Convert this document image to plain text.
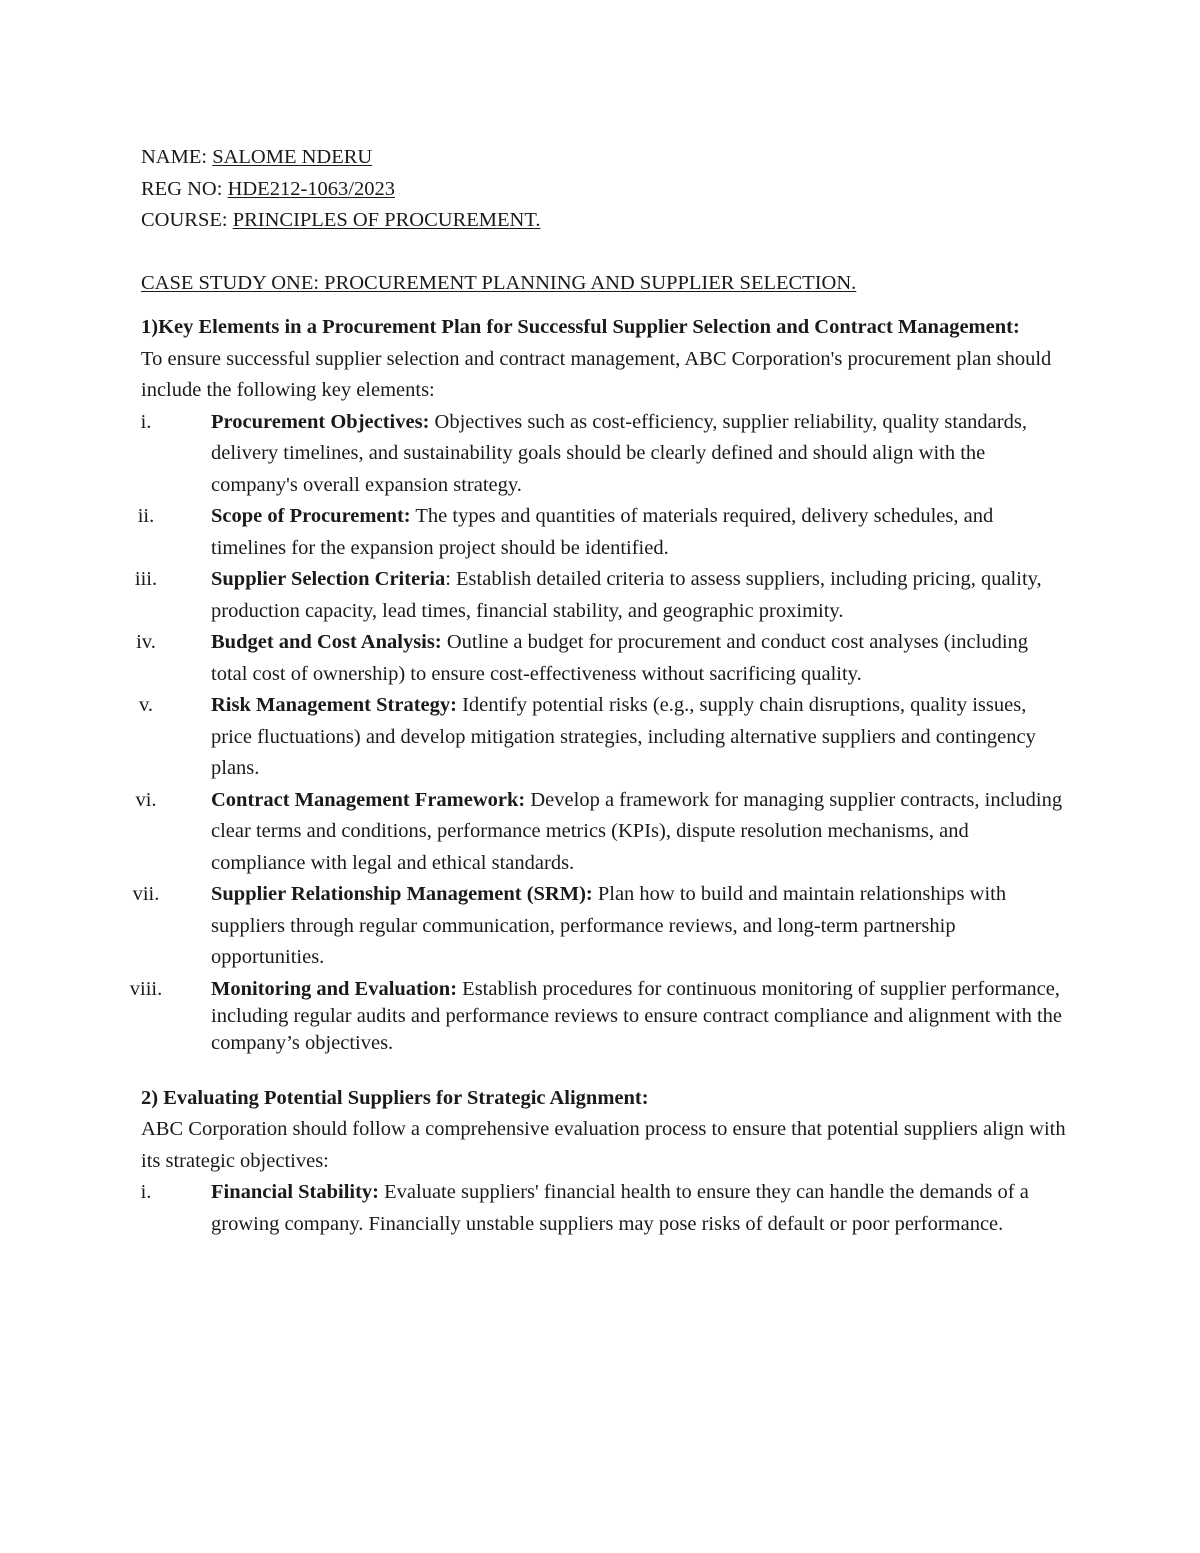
NAME: SALOME NDERU

REG NO: HDE212-1063/2023

COURSE: PRINCIPLES OF PROCUREMENT.

CASE STUDY ONE: PROCUREMENT PLANNING AND SUPPLIER SELECTION.

1)Key Elements in a Procurement Plan for Successful Supplier Selection and Contract Management:

To ensure successful supplier selection and contract management, ABC Corporation's procurement plan should include the following key elements:

i.	Procurement Objectives: Objectives such as cost-efficiency, supplier reliability, quality standards, delivery timelines, and sustainability goals should be clearly defined and should align with the company's overall expansion strategy.
ii.	Scope of Procurement: The types and quantities of materials required, delivery schedules, and timelines for the expansion project should be identified.
iii.	Supplier Selection Criteria: Establish detailed criteria to assess suppliers, including pricing, quality, production capacity, lead times, financial stability, and geographic proximity.
iv.	Budget and Cost Analysis: Outline a budget for procurement and conduct cost analyses (including total cost of ownership) to ensure cost-effectiveness without sacrificing quality.
v.	Risk Management Strategy: Identify potential risks (e.g., supply chain disruptions, quality issues, price fluctuations) and develop mitigation strategies, including alternative suppliers and contingency plans.
vi.	Contract Management Framework: Develop a framework for managing supplier contracts, including clear terms and conditions, performance metrics (KPIs), dispute resolution mechanisms, and compliance with legal and ethical standards.
vii.	Supplier Relationship Management (SRM): Plan how to build and maintain relationships with suppliers through regular communication, performance reviews, and long-term partnership opportunities.
viii.	Monitoring and Evaluation: Establish procedures for continuous monitoring of supplier performance, including regular audits and performance reviews to ensure contract compliance and alignment with the company’s objectives.

2) Evaluating Potential Suppliers for Strategic Alignment:

ABC Corporation should follow a comprehensive evaluation process to ensure that potential suppliers align with its strategic objectives:

i.	Financial Stability: Evaluate suppliers' financial health to ensure they can handle the demands of a growing company. Financially unstable suppliers may pose risks of default or poor performance.
